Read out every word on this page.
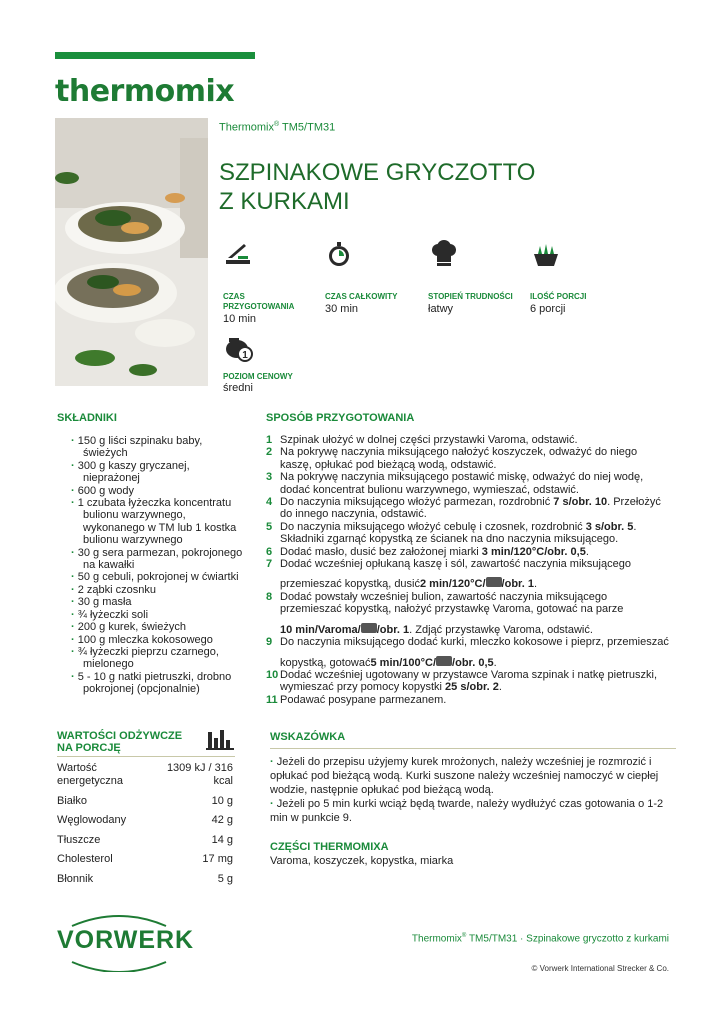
thermomix
Thermomix® TM5/TM31
SZPINAKOWE GRYCZOTTO
Z KURKAMI
CZAS
PRZYGOTOWANIA
10 min
CZAS CAŁKOWITY
30 min
STOPIEŃ TRUDNOŚCI
łatwy
ILOŚĆ PORCJI
6 porcji
1
POZIOM CENOWY
średni
SKŁADNIKI
· 150 g liści szpinaku baby,
świeżych
· 300 g kaszy gryczanej,
nieprażonej
· 600 g wody
· 1 czubata łyżeczka koncentratu
bulionu warzywnego,
wykonanego w TM lub 1 kostka
bulionu warzywnego
· 30 g sera parmezan, pokrojonego
na kawałki
· 50 g cebuli, pokrojonej w ćwiartki
· 2 ząbki czosnku
· 30 g masła
· ¾ łyżeczki soli
· 200 g kurek, świeżych
· 100 g mleczka kokosowego
· ¾ łyżeczki pieprzu czarnego,
mielonego
· 5 - 10 g natki pietruszki, drobno
pokrojonej (opcjonalnie)
SPOSÓB PRZYGOTOWANIA
1 Szpinak ułożyć w dolnej części przystawki Varoma, odstawić.
2 Na pokrywę naczynia miksującego nałożyć koszyczek, odważyć do niego
kaszę, opłukać pod bieżącą wodą, odstawić.
3 Na pokrywę naczynia miksującego postawić miskę, odważyć do niej wodę,
dodać koncentrat bulionu warzywnego, wymieszać, odstawić.
4 Do naczynia miksującego włożyć parmezan, rozdrobnić 7 s/obr. 10. Przełożyć
do innego naczynia, odstawić.
5 Do naczynia miksującego włożyć cebulę i czosnek, rozdrobnić 3 s/obr. 5.
Składniki zgarnąć kopystką ze ścianek na dno naczynia miksującego.
6 Dodać masło, dusić bez założonej miarki 3 min/120°C/obr. 0,5.
7 Dodać wcześniej opłukaną kaszę i sól, zawartość naczynia miksującego
przemieszać kopystką, dusić2 min/120°C/ /obr. 1.
8 Dodać powstały wcześniej bulion, zawartość naczynia miksującego
przemieszać kopystką, nałożyć przystawkę Varoma, gotować na parze
10 min/Varoma/ /obr. 1. Zdjąć przystawkę Varoma, odstawić.
9 Do naczynia miksującego dodać kurki, mleczko kokosowe i pieprz, przemieszać
kopystką, gotować5 min/100°C/ /obr. 0,5.
10 Dodać wcześniej ugotowany w przystawce Varoma szpinak i natkę pietruszki,
wymieszać przy pomocy kopystki 25 s/obr. 2.
11 Podawać posypane parmezanem.
WARTOŚCI ODŻYWCZE
NA PORCJĘ
Wartość
energetyczna
1309 kJ / 316
kcal
Białko	10 g
Węglowodany	42 g
Tłuszcze	14 g
Cholesterol	17 mg
Błonnik	5 g
WSKAZÓWKA
· Jeżeli do przepisu użyjemy kurek mrożonych, należy wcześniej je rozmrozić i opłukać pod bieżącą wodą. Kurki suszone należy wcześniej namoczyć w ciepłej wodzie, następnie opłukać pod bieżącą wodą.
· Jeżeli po 5 min kurki wciąż będą twarde, należy wydłużyć czas gotowania o 1-2 min w punkcie 9.
CZĘŚCI THERMOMIXA
Varoma, koszyczek, kopystka, miarka
VORWERK	Thermomix® TM5/TM31 · Szpinakowe gryczotto z kurkami
© Vorwerk International Strecker & Co.
